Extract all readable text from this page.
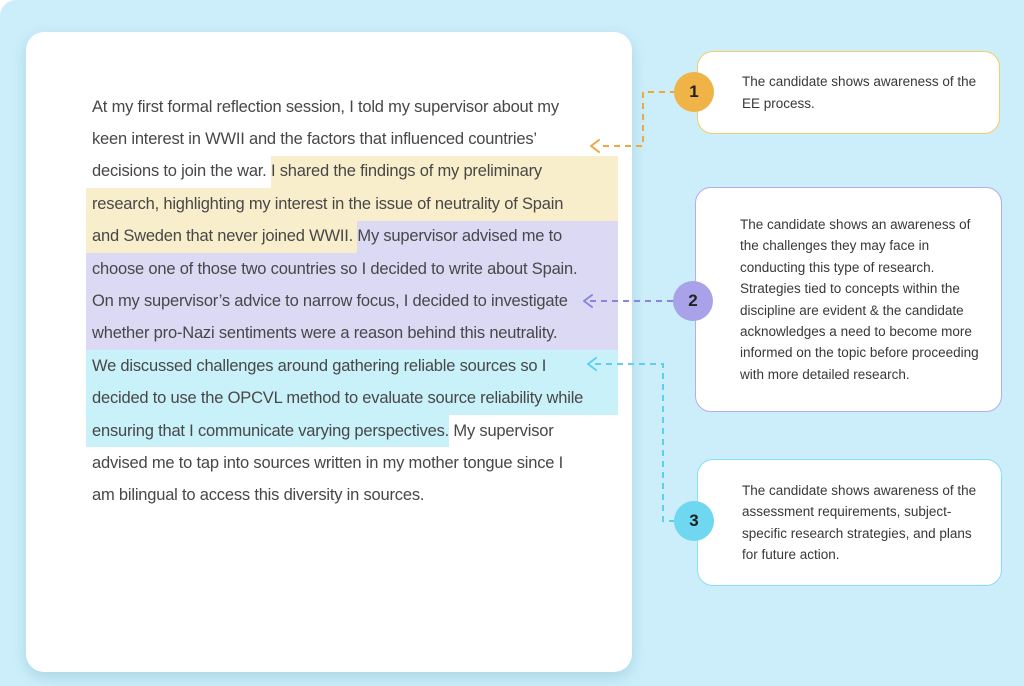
At my first formal reflection session, I told my supervisor about my
keen interest in WWII and the factors that influenced countries’
decisions to join the war. I shared the findings of my preliminary
research, highlighting my interest in the issue of neutrality of Spain
and Sweden that never joined WWII. My supervisor advised me to
choose one of those two countries so I decided to write about Spain.
On my supervisor’s advice to narrow focus, I decided to investigate
whether pro-Nazi sentiments were a reason behind this neutrality.
We discussed challenges around gathering reliable sources so I
decided to use the OPCVL method to evaluate source reliability while
ensuring that I communicate varying perspectives. My supervisor
advised me to tap into sources written in my mother tongue since I
am bilingual to access this diversity in sources.
1

The candidate shows awareness of the EE process.

2

The candidate shows an awareness of the challenges they may face in conducting this type of research. Strategies tied to concepts within the discipline are evident & the candidate acknowledges a need to become more informed on the topic before proceeding with more detailed research.

3

The candidate shows awareness of the assessment requirements, subject-specific research strategies, and plans for future action.
